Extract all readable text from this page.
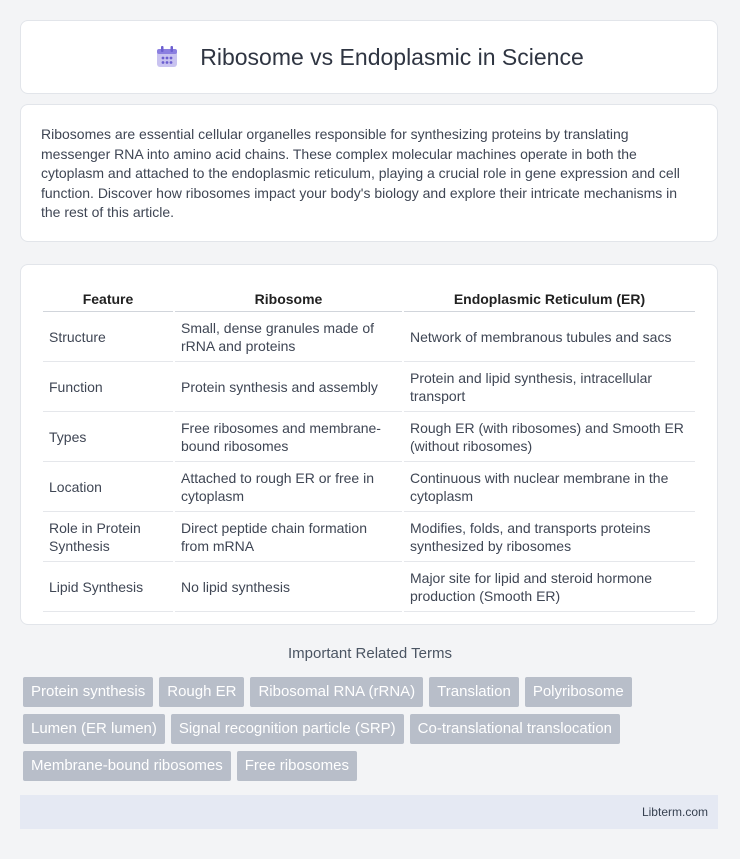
Ribosome vs Endoplasmic in Science

Ribosomes are essential cellular organelles responsible for synthesizing proteins by translating messenger RNA into amino acid chains. These complex molecular machines operate in both the cytoplasm and attached to the endoplasmic reticulum, playing a crucial role in gene expression and cell function. Discover how ribosomes impact your body's biology and explore their intricate mechanisms in the rest of this article.

Feature	Ribosome	Endoplasmic Reticulum (ER)
Structure	Small, dense granules made of rRNA and proteins	Network of membranous tubules and sacs
Function	Protein synthesis and assembly	Protein and lipid synthesis, intracellular transport
Types	Free ribosomes and membrane-bound ribosomes	Rough ER (with ribosomes) and Smooth ER (without ribosomes)
Location	Attached to rough ER or free in cytoplasm	Continuous with nuclear membrane in the cytoplasm
Role in Protein Synthesis	Direct peptide chain formation from mRNA	Modifies, folds, and transports proteins synthesized by ribosomes
Lipid Synthesis	No lipid synthesis	Major site for lipid and steroid hormone production (Smooth ER)
Important Related Terms
Protein synthesis	Rough ER	Ribosomal RNA (rRNA)	Translation	Polyribosome
Lumen (ER lumen)	Signal recognition particle (SRP)	Co-translational translocation
Membrane-bound ribosomes	Free ribosomes
Libterm.com
